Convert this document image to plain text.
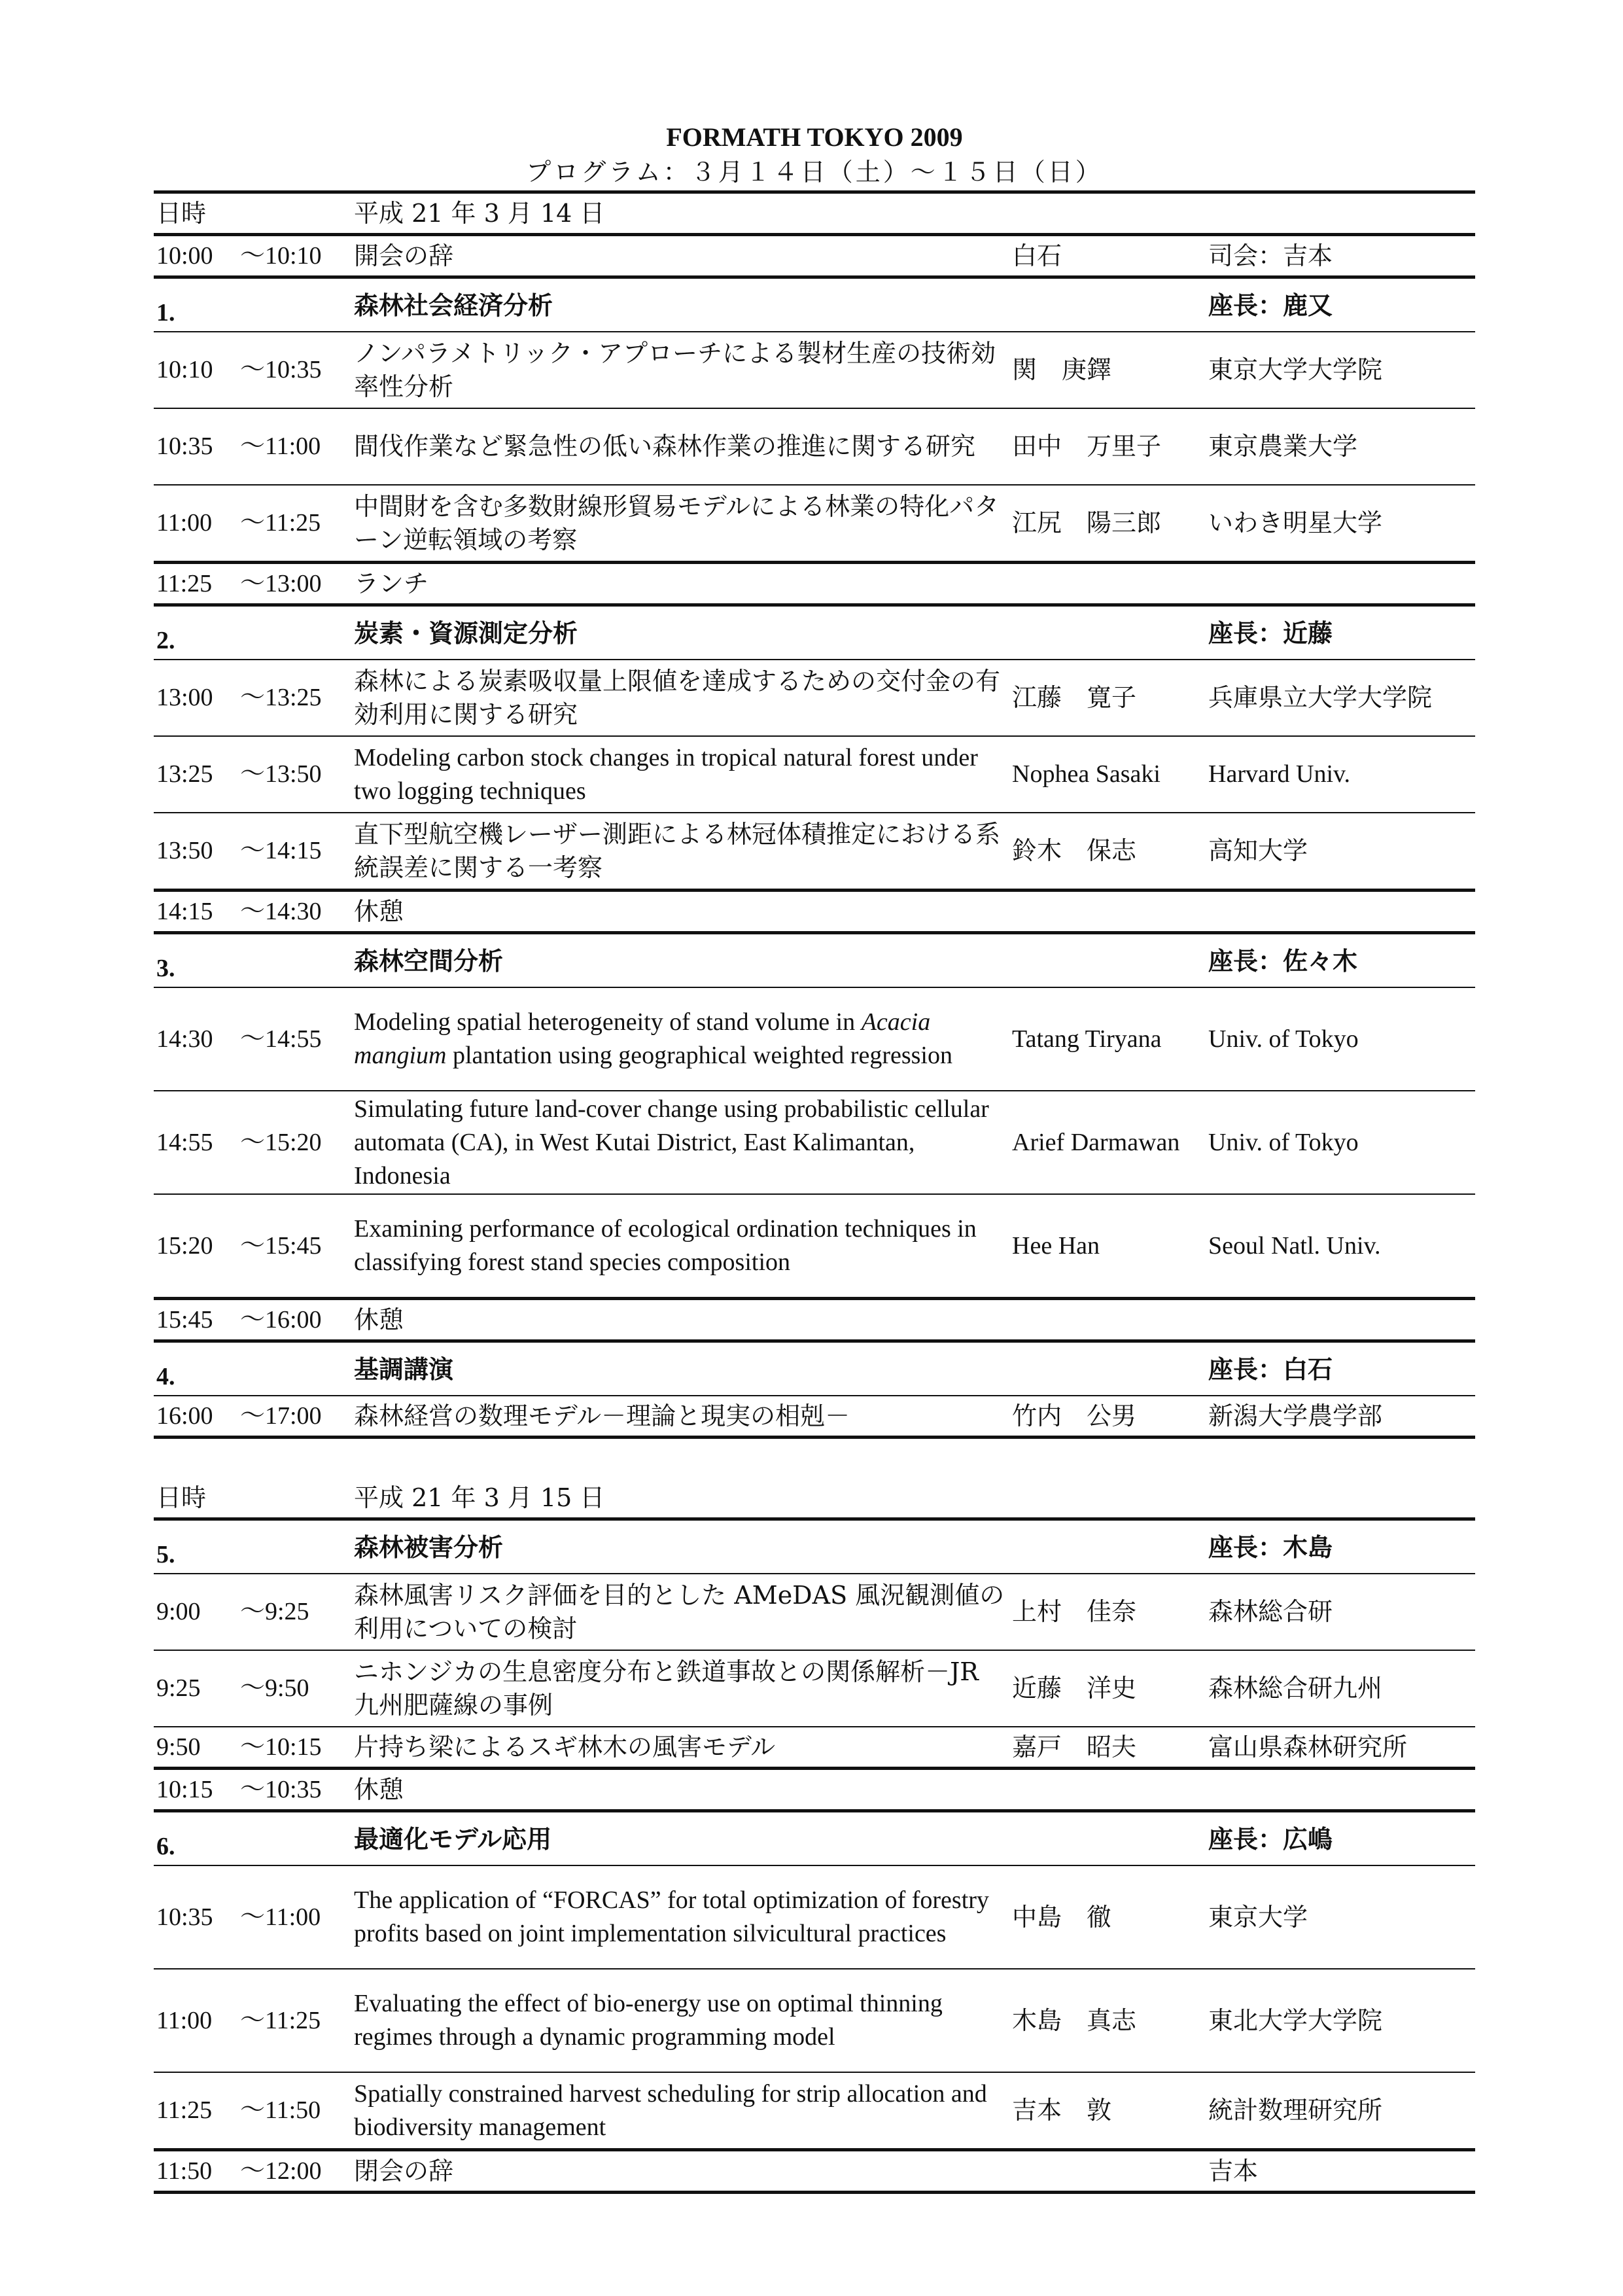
FORMATH TOKYO 2009
プログラム：３月１４日（土）～１５日（日）
日時		平成 21 年 3 月 14 日		
10:00	～10:10	開会の辞	白石	司会：吉本
1.		森林社会経済分析		座長：鹿又
10:10	～10:35	ノンパラメトリック・アプローチによる製材生産の技術効率性分析	関　庚鐸	東京大学大学院
10:35	～11:00	間伐作業など緊急性の低い森林作業の推進に関する研究	田中　万里子	東京農業大学
11:00	～11:25	中間財を含む多数財線形貿易モデルによる林業の特化パターン逆転領域の考察	江尻　陽三郎	いわき明星大学
11:25	～13:00	ランチ		
2.		炭素・資源測定分析		座長：近藤
13:00	～13:25	森林による炭素吸収量上限値を達成するための交付金の有効利用に関する研究	江藤　寛子	兵庫県立大学大学院
13:25	～13:50	Modeling carbon stock changes in tropical natural forest under two logging techniques	Nophea Sasaki	Harvard Univ.
13:50	～14:15	直下型航空機レーザー測距による林冠体積推定における系統誤差に関する一考察	鈴木　保志	高知大学
14:15	～14:30	休憩		
3.		森林空間分析		座長：佐々木
14:30	～14:55	Modeling spatial heterogeneity of stand volume in Acacia mangium plantation using geographical weighted regression	Tatang Tiryana	Univ. of Tokyo
14:55	～15:20	Simulating future land-cover change using probabilistic cellular automata (CA), in West Kutai District, East Kalimantan, Indonesia	Arief Darmawan	Univ. of Tokyo
15:20	～15:45	Examining performance of ecological ordination techniques in classifying forest stand species composition	Hee Han	Seoul Natl. Univ.
15:45	～16:00	休憩		
4.		基調講演		座長：白石
16:00	～17:00	森林経営の数理モデル－理論と現実の相剋－	竹内　公男	新潟大学農学部

日時		平成 21 年 3 月 15 日		
5.		森林被害分析		座長：木島
9:00	～9:25	森林風害リスク評価を目的とした AMeDAS 風況観測値の利用についての検討	上村　佳奈	森林総合研
9:25	～9:50	ニホンジカの生息密度分布と鉄道事故との関係解析－JR 九州肥薩線の事例	近藤　洋史	森林総合研九州
9:50	～10:15	片持ち梁によるスギ林木の風害モデル	嘉戸　昭夫	富山県森林研究所
10:15	～10:35	休憩		
6.		最適化モデル応用		座長：広嶋
10:35	～11:00	The application of “FORCAS” for total optimization of forestry profits based on joint implementation silvicultural practices	中島　徹	東京大学
11:00	～11:25	Evaluating the effect of bio-energy use on optimal thinning regimes through a dynamic programming model	木島　真志	東北大学大学院
11:25	～11:50	Spatially constrained harvest scheduling for strip allocation and biodiversity management	吉本　敦	統計数理研究所
11:50	～12:00	閉会の辞		吉本
